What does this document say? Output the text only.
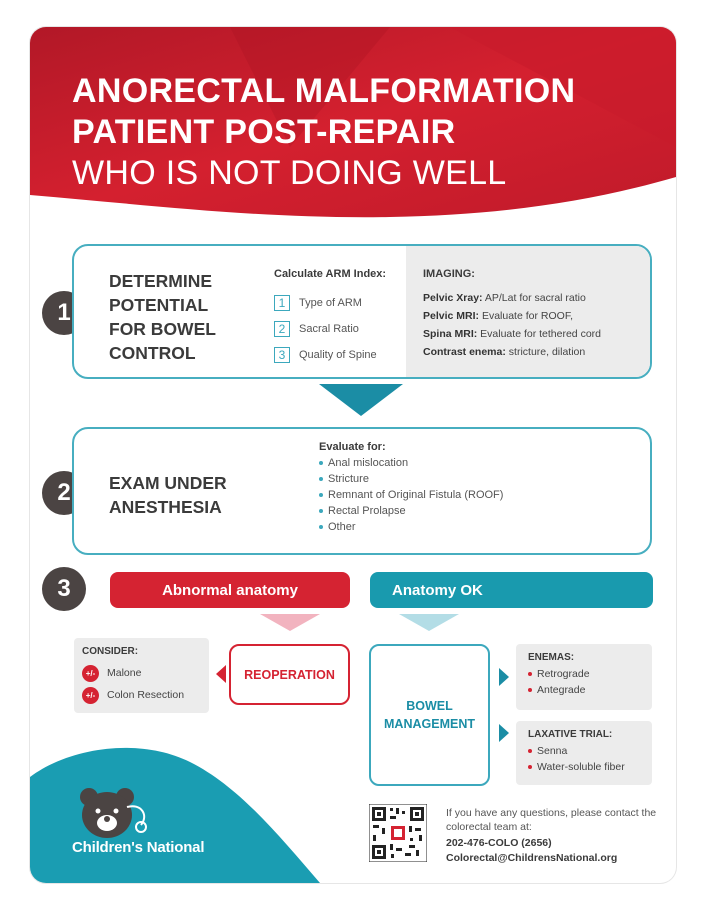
ANORECTAL MALFORMATION
PATIENT POST-REPAIR
WHO IS NOT DOING WELL
1
DETERMINE
POTENTIAL
FOR BOWEL
CONTROL
Calculate ARM Index:
1	Type of ARM
2	Sacral Ratio
3	Quality of Spine
IMAGING:
Pelvic Xray: AP/Lat for sacral ratio
Pelvic MRI: Evaluate for ROOF,
Spina MRI: Evaluate for tethered cord
Contrast enema: stricture, dilation
2	EXAM UNDER
ANESTHESIA
Evaluate for:
Anal mislocation
Stricture
Remnant of Original Fistula (ROOF)
Rectal Prolapse
Other
3	Abnormal anatomy	Anatomy OK
CONSIDER:
+/-	Malone
+/-	Colon Resection
REOPERATION
BOWEL
MANAGEMENT
ENEMAS:
Retrograde
Antegrade
LAXATIVE TRIAL:
Senna
Water-soluble fiber
Children's National
If you have any questions, please contact the colorectal team at:
202-476-COLO (2656)
Colorectal@ChildrensNational.org
